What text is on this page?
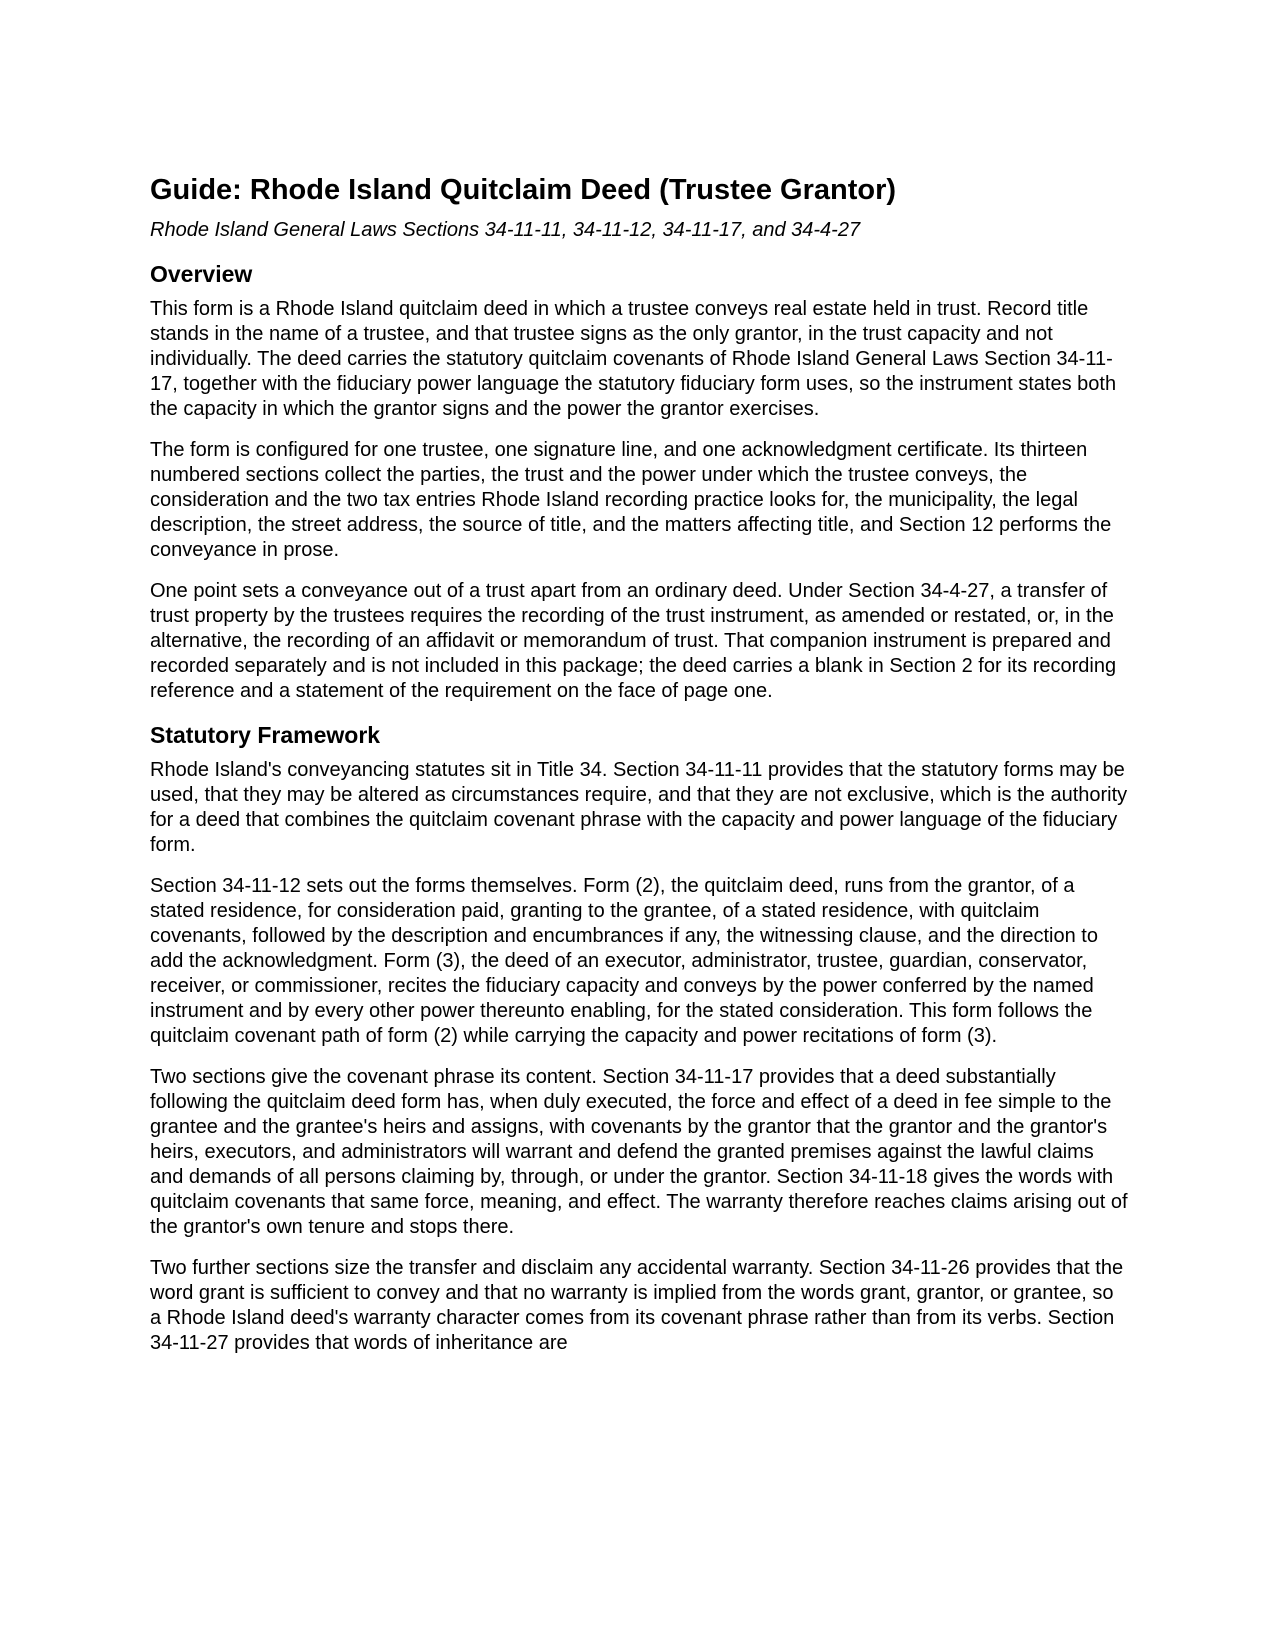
Guide: Rhode Island Quitclaim Deed (Trustee Grantor)

Rhode Island General Laws Sections 34-11-11, 34-11-12, 34-11-17, and 34-4-27

Overview

This form is a Rhode Island quitclaim deed in which a trustee conveys real estate held in trust. Record title stands in the name of a trustee, and that trustee signs as the only grantor, in the trust capacity and not individually. The deed carries the statutory quitclaim covenants of Rhode Island General Laws Section 34-11-17, together with the fiduciary power language the statutory fiduciary form uses, so the instrument states both the capacity in which the grantor signs and the power the grantor exercises.

The form is configured for one trustee, one signature line, and one acknowledgment certificate. Its thirteen numbered sections collect the parties, the trust and the power under which the trustee conveys, the consideration and the two tax entries Rhode Island recording practice looks for, the municipality, the legal description, the street address, the source of title, and the matters affecting title, and Section 12 performs the conveyance in prose.

One point sets a conveyance out of a trust apart from an ordinary deed. Under Section 34-4-27, a transfer of trust property by the trustees requires the recording of the trust instrument, as amended or restated, or, in the alternative, the recording of an affidavit or memorandum of trust. That companion instrument is prepared and recorded separately and is not included in this package; the deed carries a blank in Section 2 for its recording reference and a statement of the requirement on the face of page one.

Statutory Framework

Rhode Island's conveyancing statutes sit in Title 34. Section 34-11-11 provides that the statutory forms may be used, that they may be altered as circumstances require, and that they are not exclusive, which is the authority for a deed that combines the quitclaim covenant phrase with the capacity and power language of the fiduciary form.

Section 34-11-12 sets out the forms themselves. Form (2), the quitclaim deed, runs from the grantor, of a stated residence, for consideration paid, granting to the grantee, of a stated residence, with quitclaim covenants, followed by the description and encumbrances if any, the witnessing clause, and the direction to add the acknowledgment. Form (3), the deed of an executor, administrator, trustee, guardian, conservator, receiver, or commissioner, recites the fiduciary capacity and conveys by the power conferred by the named instrument and by every other power thereunto enabling, for the stated consideration. This form follows the quitclaim covenant path of form (2) while carrying the capacity and power recitations of form (3).

Two sections give the covenant phrase its content. Section 34-11-17 provides that a deed substantially following the quitclaim deed form has, when duly executed, the force and effect of a deed in fee simple to the grantee and the grantee's heirs and assigns, with covenants by the grantor that the grantor and the grantor's heirs, executors, and administrators will warrant and defend the granted premises against the lawful claims and demands of all persons claiming by, through, or under the grantor. Section 34-11-18 gives the words with quitclaim covenants that same force, meaning, and effect. The warranty therefore reaches claims arising out of the grantor's own tenure and stops there.

Two further sections size the transfer and disclaim any accidental warranty. Section 34-11-26 provides that the word grant is sufficient to convey and that no warranty is implied from the words grant, grantor, or grantee, so a Rhode Island deed's warranty character comes from its covenant phrase rather than from its verbs. Section 34-11-27 provides that words of inheritance are
